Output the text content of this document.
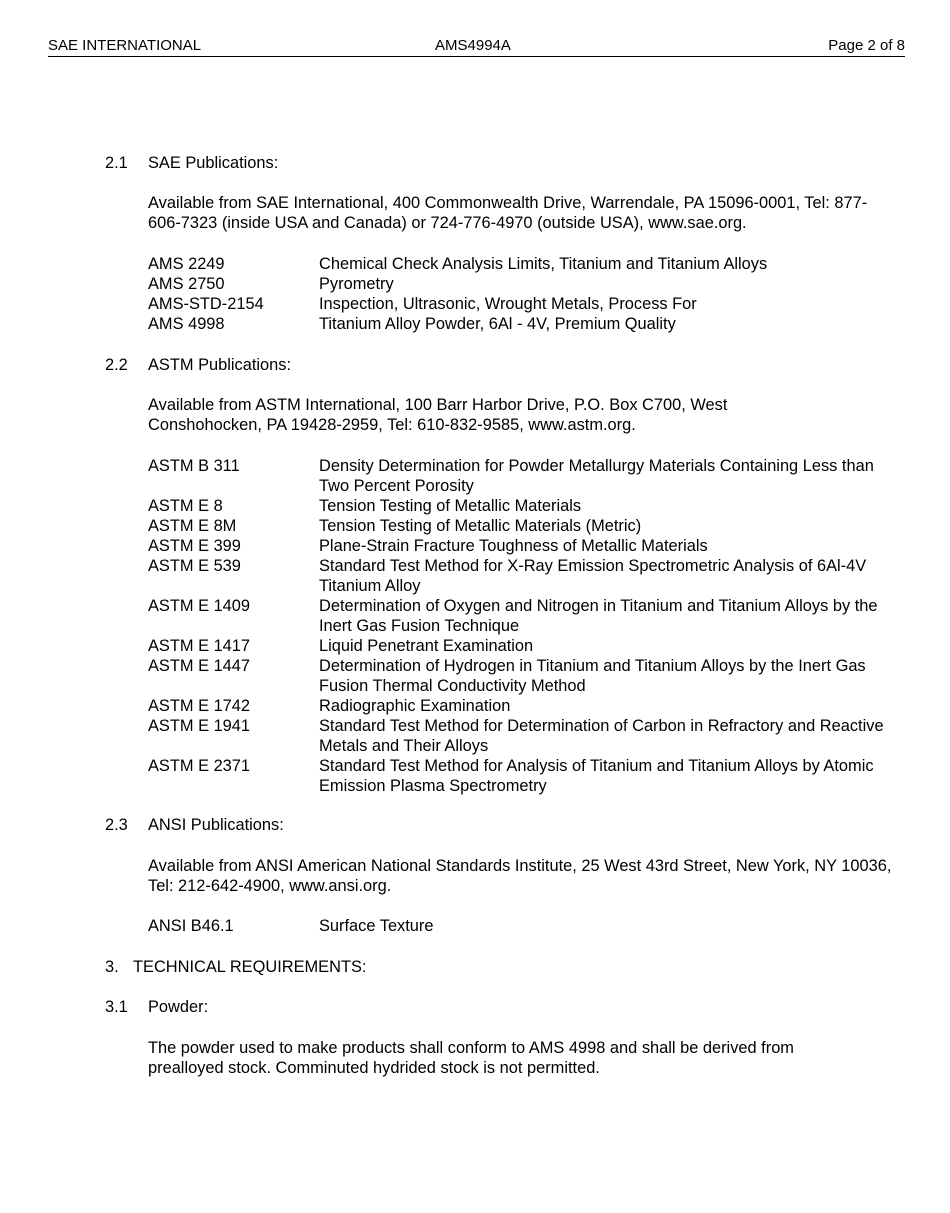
SAE INTERNATIONAL	AMS4994A	Page 2 of 8
2.1 SAE Publications:
Available from SAE International, 400 Commonwealth Drive, Warrendale, PA 15096-0001, Tel: 877-606-7323 (inside USA and Canada) or 724-776-4970 (outside USA), www.sae.org.
AMS 2249	Chemical Check Analysis Limits, Titanium and Titanium Alloys
AMS 2750	Pyrometry
AMS-STD-2154	Inspection, Ultrasonic, Wrought Metals, Process For
AMS 4998	Titanium Alloy Powder, 6Al - 4V, Premium Quality
2.2 ASTM Publications:
Available from ASTM International, 100 Barr Harbor Drive, P.O. Box C700, West Conshohocken, PA 19428-2959, Tel: 610-832-9585, www.astm.org.
ASTM B 311	Density Determination for Powder Metallurgy Materials Containing Less than Two Percent Porosity
ASTM E 8	Tension Testing of Metallic Materials
ASTM E 8M	Tension Testing of Metallic Materials (Metric)
ASTM E 399	Plane-Strain Fracture Toughness of Metallic Materials
ASTM E 539	Standard Test Method for X-Ray Emission Spectrometric Analysis of 6Al-4V Titanium Alloy
ASTM E 1409	Determination of Oxygen and Nitrogen in Titanium and Titanium Alloys by the Inert Gas Fusion Technique
ASTM E 1417	Liquid Penetrant Examination
ASTM E 1447	Determination of Hydrogen in Titanium and Titanium Alloys by the Inert Gas Fusion Thermal Conductivity Method
ASTM E 1742	Radiographic Examination
ASTM E 1941	Standard Test Method for Determination of Carbon in Refractory and Reactive Metals and Their Alloys
ASTM E 2371	Standard Test Method for Analysis of Titanium and Titanium Alloys by Atomic Emission Plasma Spectrometry
2.3 ANSI Publications:
Available from ANSI American National Standards Institute, 25 West 43rd Street, New York, NY 10036, Tel: 212-642-4900, www.ansi.org.
ANSI B46.1	Surface Texture
3. TECHNICAL REQUIREMENTS:
3.1 Powder:
The powder used to make products shall conform to AMS 4998 and shall be derived from prealloyed stock. Comminuted hydrided stock is not permitted.
